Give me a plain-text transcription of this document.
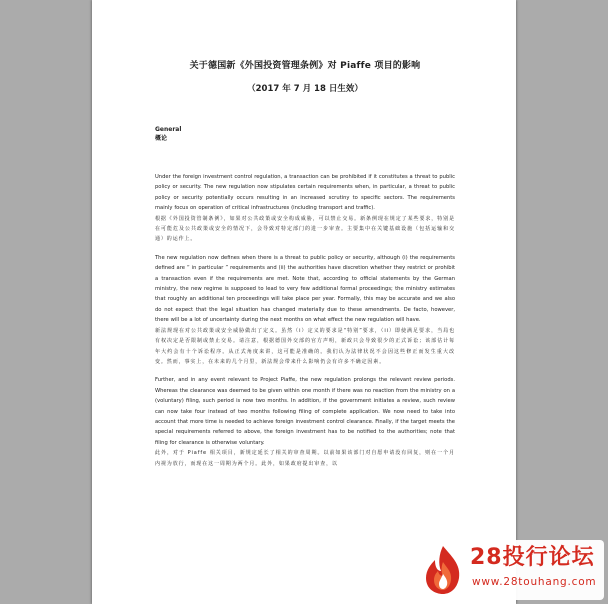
关于德国新《外国投资管理条例》对 Piaffe 项目的影响
（2017 年 7 月 18 日生效）
General
概论

Under the foreign investment control regulation, a transaction can be prohibited if it constitutes a threat to public policy or security. The new regulation now stipulates certain requirements when, in particular, a threat to public policy or security potentially occurs resulting in an increased scrutiny to specific sectors. The requirements mainly focus on operation of critical infrastructures (including transport and traffic).

根据《外国投资管制条例》，如果对公共政策或安全构成威胁，可以禁止交易。新条例现在规定了某些要求，特别是在可能危及公共政策或安全的情况下，会导致对特定部门的进一步审查。主要集中在关键基础设施（包括运输和交通）的运作上。

The new regulation now defines when there is a threat to public policy or security, although (i) the requirements defined are “ in particular ” requirements and (ii) the authorities have discretion whether they restrict or prohibit a transaction even if the requirements are met. Note that, according to official statements by the German ministry, the new regime is supposed to lead to very few additional formal proceedings; the ministry estimates that roughly an additional ten proceedings will take place per year. Formally, this may be accurate and we also do not expect that the legal situation has changed materially due to these amendments. De facto, however, there will be a lot of uncertainty during the next months on what effect the new regulation will have.

新法规现在对公共政策或安全威胁做出了定义。虽然（i）定义的要求是“特别”要求，（ii）即使满足要求，当局也有权决定是否限制或禁止交易。请注意，根据德国外交部的官方声明，新政只会导致很少的正式诉讼；该部估计每年大约会有十个诉讼程序。从正式角度来讲，这可能是准确的。我们认为法律状况不会因这些修正而发生重大改变。然而，事实上，在未来的几个月里，新法规会带来什么影响仍会有许多不确定因素。

Further, and in any event relevant to Project Piaffe, the new regulation prolongs the relevant review periods. Whereas the clearance was deemed to be given within one month if there was no reaction from the ministry on a (voluntary) filing, such period is now two months. In addition, if the government initiates a review, such review can now take four instead of two months following filing of complete application. We now need to take into account that more time is needed to achieve foreign investment control clearance. Finally, if the target meets the special requirements referred to above, the foreign investment has to be notified to the authorities; note that filing for clearance is otherwise voluntary.

此外，对于 Piaffe 相关项目，新规定延长了相关的审查周期。以前如果该部门对自愿申请没有回复，则在一个月内视为放行，而现在这一周期为两个月。此外，如果政府提出审查，以

28投行论坛
www.28touhang.com
